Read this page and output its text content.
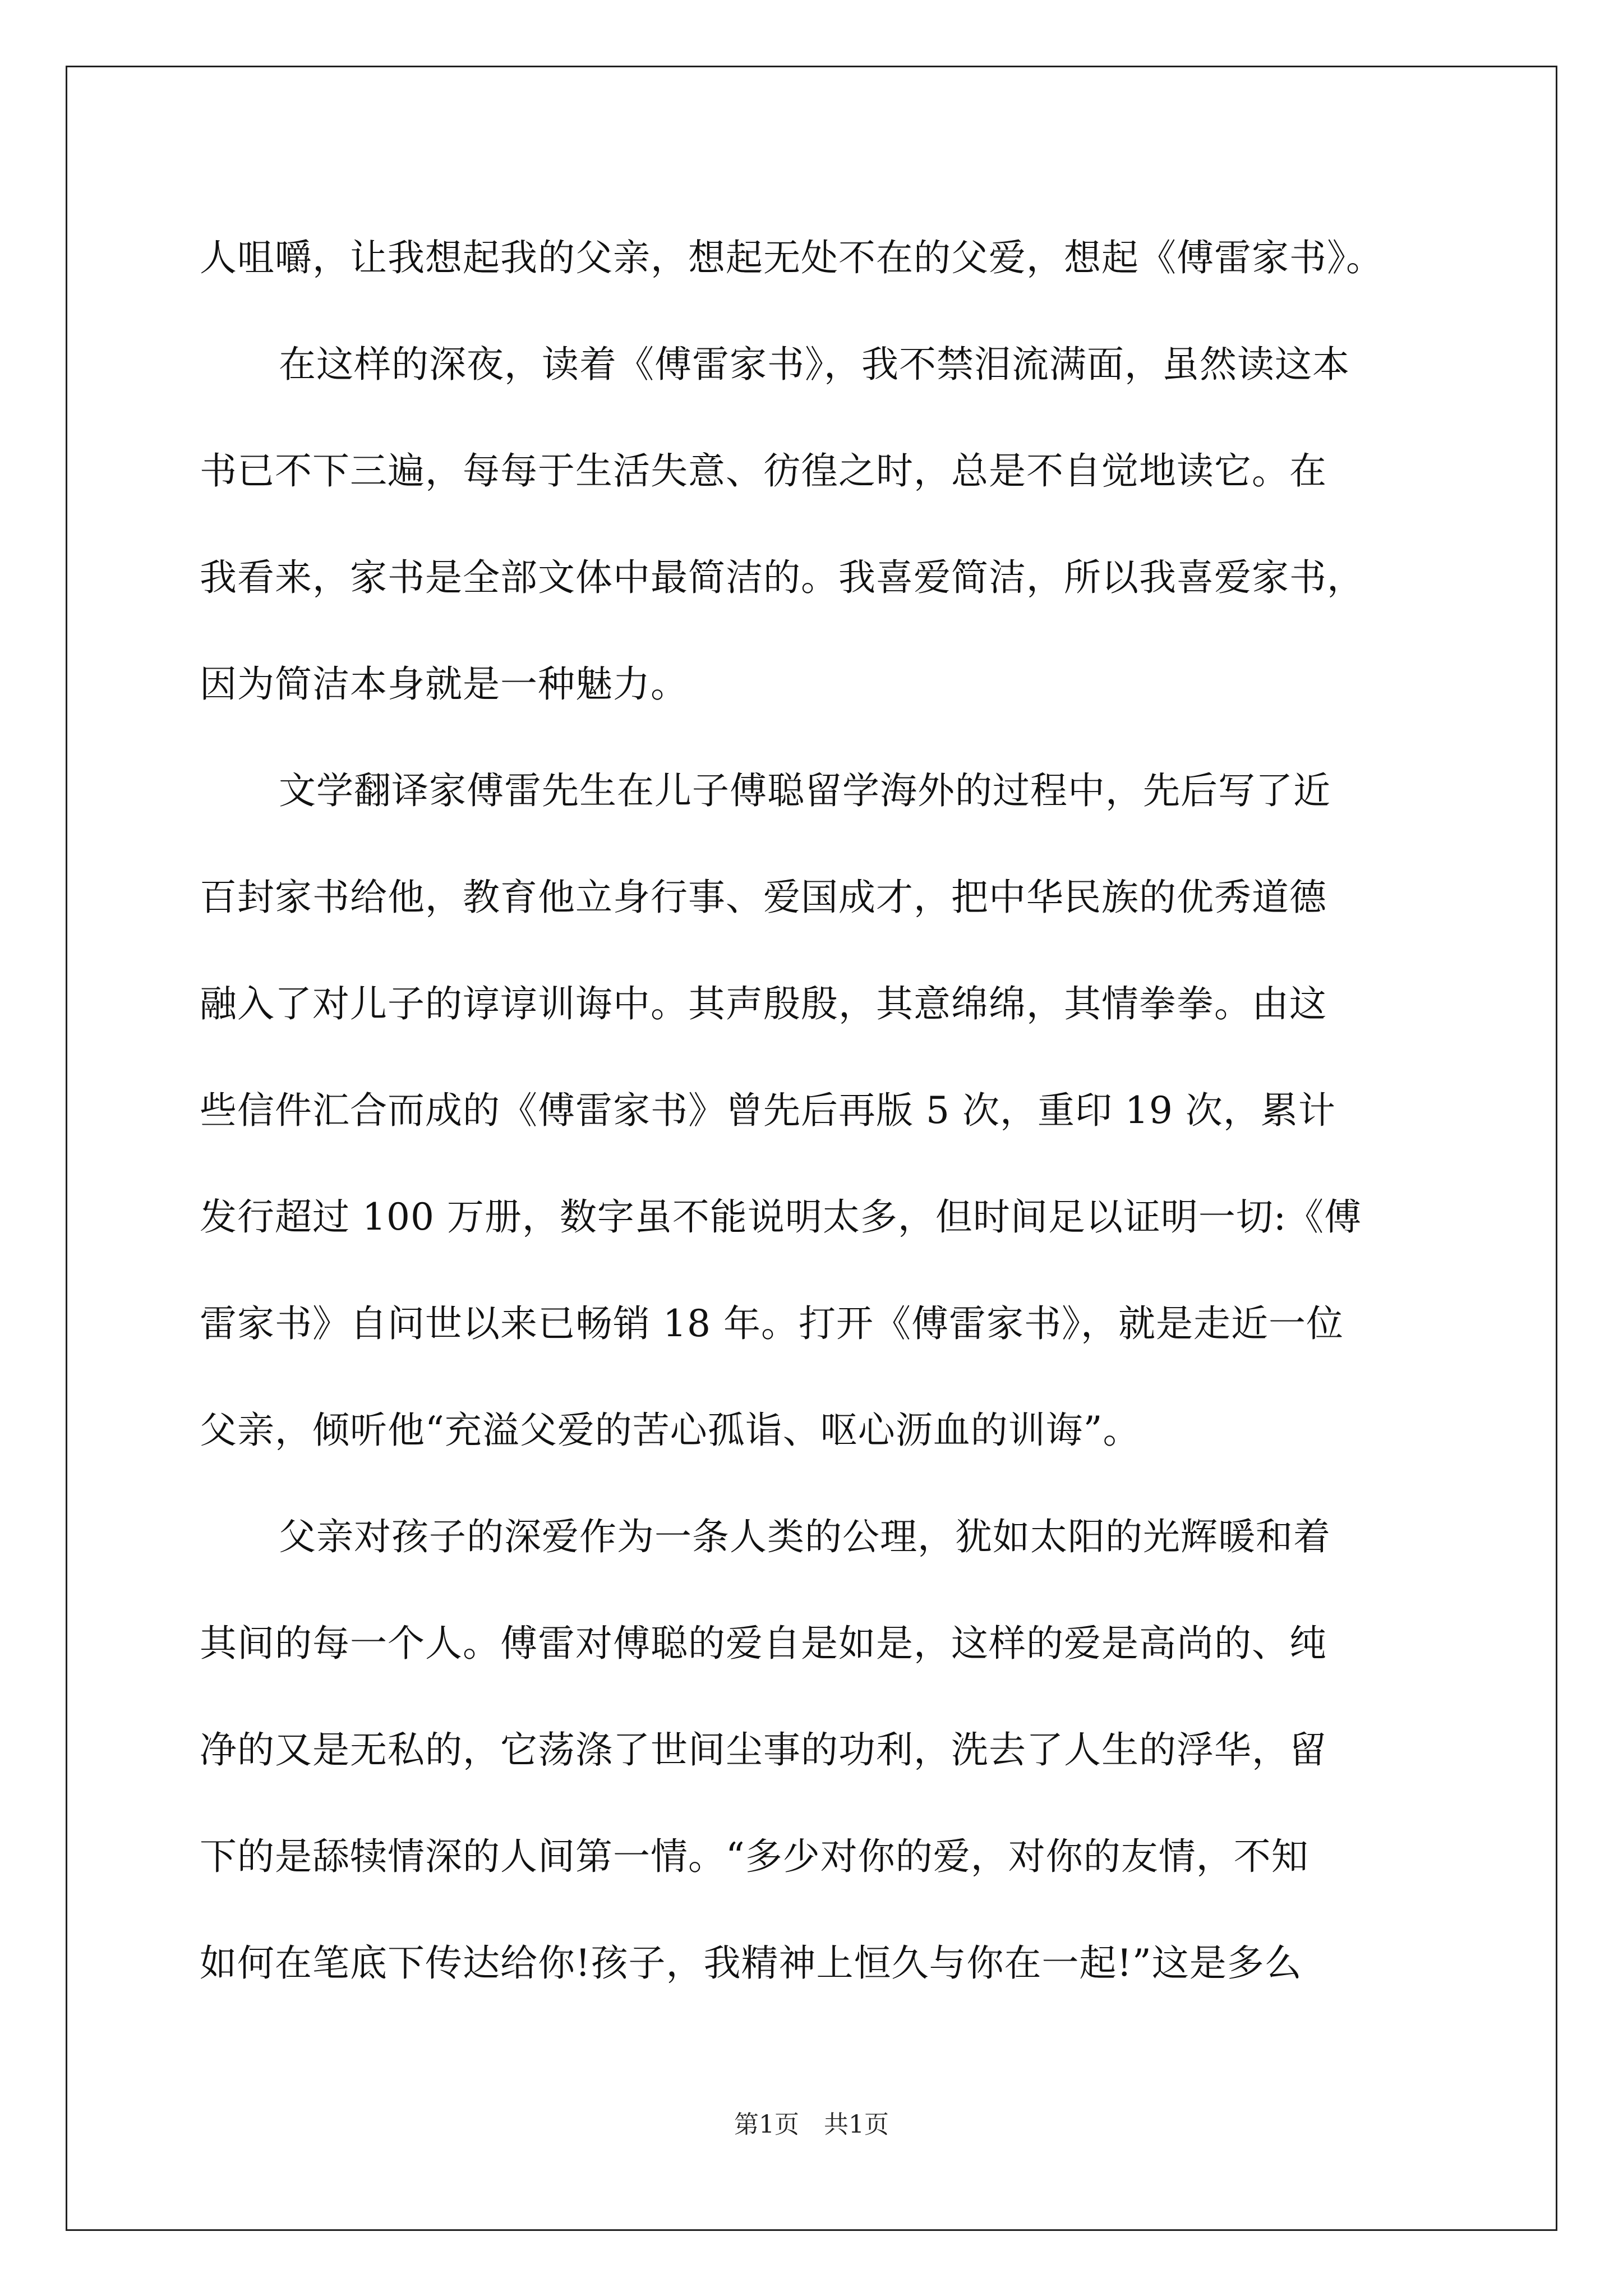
人咀嚼，让我想起我的父亲，想起无处不在的父爱，想起《傅雷家书》。
在这样的深夜，读着《傅雷家书》，我不禁泪流满面，虽然读这本
书已不下三遍，每每于生活失意、彷徨之时，总是不自觉地读它。在
我看来，家书是全部文体中最简洁的。我喜爱简洁，所以我喜爱家书，
因为简洁本身就是一种魅力。
文学翻译家傅雷先生在儿子傅聪留学海外的过程中，先后写了近
百封家书给他，教育他立身行事、爱国成才，把中华民族的优秀道德
融入了对儿子的谆谆训诲中。其声殷殷，其意绵绵，其情拳拳。由这
些信件汇合而成的《傅雷家书》曾先后再版 5 次，重印 19 次，累计
发行超过 100 万册，数字虽不能说明太多，但时间足以证明一切:《傅
雷家书》自问世以来已畅销 18 年。打开《傅雷家书》，就是走近一位
父亲，倾听他“充溢父爱的苦心孤诣、呕心沥血的训诲”。
父亲对孩子的深爱作为一条人类的公理，犹如太阳的光辉暖和着
其间的每一个人。傅雷对傅聪的爱自是如是，这样的爱是高尚的、纯
净的又是无私的，它荡涤了世间尘事的功利，洗去了人生的浮华，留
下的是舔犊情深的人间第一情。“多少对你的爱，对你的友情，不知
如何在笔底下传达给你!孩子，我精神上恒久与你在一起!”这是多么
第1页　共1页
